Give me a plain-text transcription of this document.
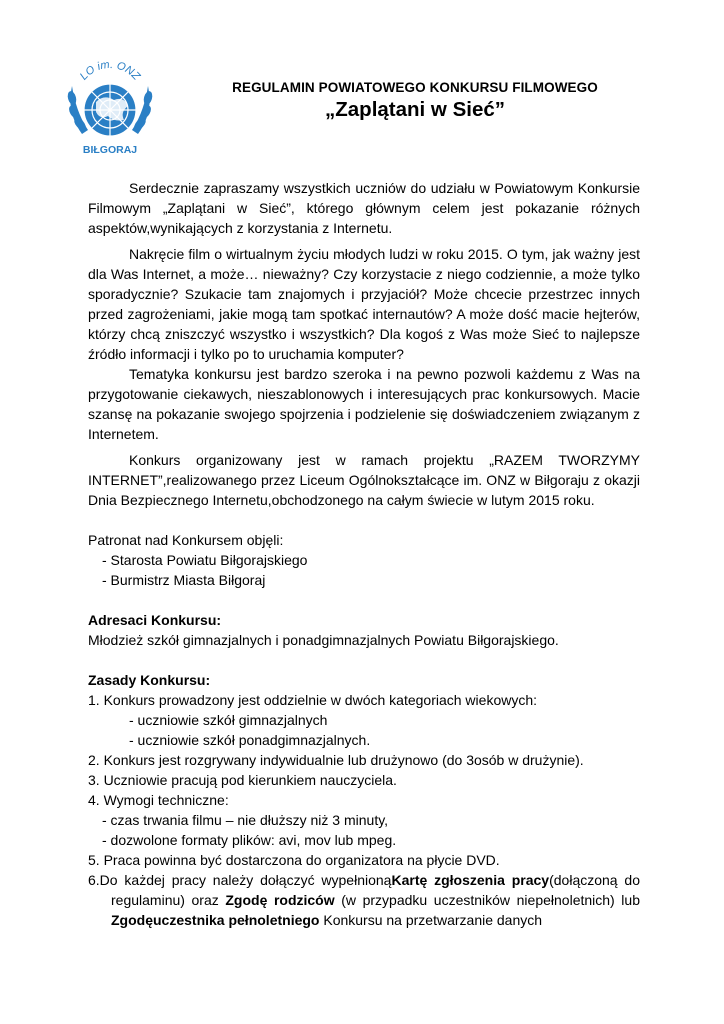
LO im. ONZ
BIŁGORAJ
REGULAMIN POWIATOWEGO KONKURSU FILMOWEGO
„Zaplątani w Sieć”

Serdecznie zapraszamy wszystkich uczniów do udziału w Powiatowym Konkursie Filmowym „Zaplątani w Sieć”, którego głównym celem jest pokazanie różnych aspektów,wynikających z korzystania z Internetu.

Nakręcie film o wirtualnym życiu młodych ludzi w roku 2015. O tym, jak ważny jest dla Was Internet, a może… nieważny? Czy korzystacie z niego codziennie, a może tylko sporadycznie? Szukacie tam znajomych i przyjaciół? Może chcecie przestrzec innych przed zagrożeniami, jakie mogą tam spotkać internautów? A może dość macie hejterów, którzy chcą zniszczyć wszystko i wszystkich? Dla kogoś z Was może Sieć to najlepsze źródło informacji i tylko po to uruchamia komputer?

Tematyka konkursu jest bardzo szeroka i na pewno pozwoli każdemu z Was na przygotowanie ciekawych, nieszablonowych i interesujących prac konkursowych. Macie szansę na pokazanie swojego spojrzenia i podzielenie się doświadczeniem związanym z Internetem.

Konkurs organizowany jest w ramach projektu „RAZEM TWORZYMY INTERNET”,realizowanego przez Liceum Ogólnokształcące im. ONZ w Biłgoraju z okazji Dnia Bezpiecznego Internetu,obchodzonego na całym świecie w lutym 2015 roku.

Patronat nad Konkursem objęli:

- Starosta Powiatu Biłgorajskiego

- Burmistrz Miasta Biłgoraj

Adresaci Konkursu:

Młodzież szkół gimnazjalnych i ponadgimnazjalnych Powiatu Biłgorajskiego.

Zasady Konkursu:

1. Konkurs prowadzony jest oddzielnie w dwóch kategoriach wiekowych:

- uczniowie szkół gimnazjalnych

- uczniowie szkół ponadgimnazjalnych.

2. Konkurs jest rozgrywany indywidualnie lub drużynowo (do 3osób w drużynie).

3. Uczniowie pracują pod kierunkiem nauczyciela.

4. Wymogi techniczne:

- czas trwania filmu – nie dłuższy niż 3 minuty,

- dozwolone formaty plików: avi, mov lub mpeg.

5. Praca powinna być dostarczona do organizatora na płycie DVD.

6.Do każdej pracy należy dołączyć wypełnionąKartę zgłoszenia pracy(dołączoną do regulaminu) oraz Zgodę rodziców (w przypadku uczestników niepełnoletnich) lub Zgodęuczestnika pełnoletniego Konkursu na przetwarzanie danych
